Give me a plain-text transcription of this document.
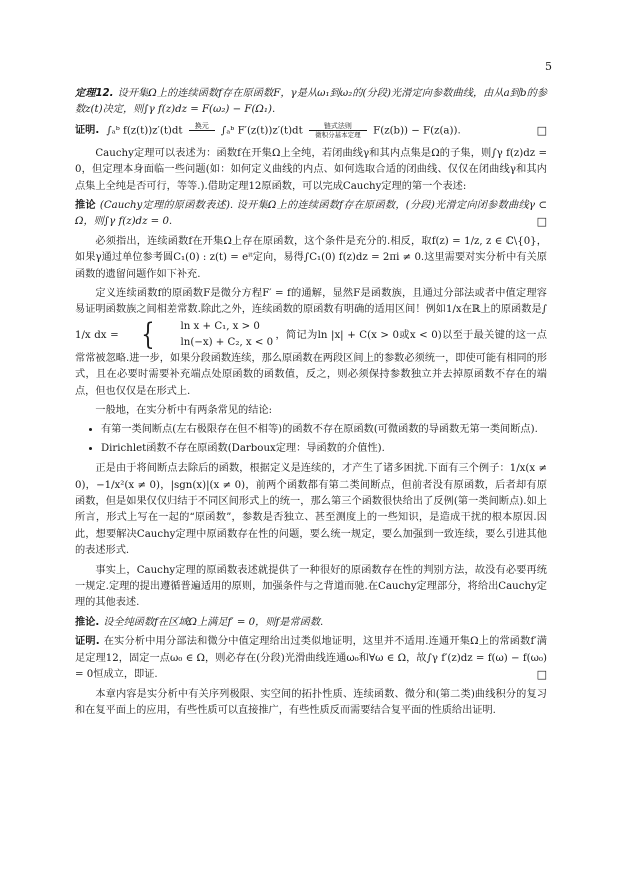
5

定理12. 设开集Ω上的连续函数f存在原函数F，γ是从ω₁到ω₂的(分段)光滑定向参数曲线，由从a到b的参数z(t)决定，则∫γ f(z)dz = F(ω₂) − F(Ω₁).

证明. ∫ₐᵇ f(z(t))z′(t)dt	换元
	∫ₐᵇ F′(z(t))z′(t)dt	链式法则
微积分基本定理	F(z(b)) − F(z(a)).	□

Cauchy定理可以表述为：函数f在开集Ω上全纯，若闭曲线γ和其内点集是Ω的子集，则∫γ f(z)dz = 0，但定理本身面临一些问题(如：如何定义曲线的内点、如何选取合适的闭曲线、仅仅在闭曲线γ和其内点集上全纯是否可行，等等.).借助定理12原函数，可以完成Cauchy定理的第一个表述:

推论 (Cauchy定理的原函数表述). 设开集Ω上的连续函数f存在原函数，(分段)光滑定向闭参数曲线γ ⊂ Ω，则∫γ f(z)dz = 0.	□

必须指出，连续函数f在开集Ω上存在原函数，这个条件是充分的.相反，取f(z) = 1/z, z ∈ ℂ\{0}，如果γ通过单位参考圆C₁(0) : z(t) = eⁱᵗ定向，易得∫C₁(0) f(z)dz = 2πi ≠ 0.这里需要对实分析中有关原函数的遗留问题作如下补充.

定义连续函数f的原函数F是微分方程F′ = f的通解，显然F是函数族，且通过分部法或者中值定理容易证明函数族之间相差常数.除此之外，连续函数的原函数有明确的适用区间！例如1/x在ℝ上的原函数是∫ 1/x dx = {	ln x + C₁, x > 0
ln(−x) + C₂, x < 0
，简记为ln |x| + C(x > 0或x < 0)以至于最关键的这一点常常被忽略.进一步，如果分段函数连续，那么原函数在两段区间上的参数必须统一，即使可能有相同的形式，且在必要时需要补充端点处原函数的函数值，反之，则必须保持参数独立并去掉原函数不存在的端点，但也仅仅是在形式上.

一般地，在实分析中有两条常见的结论:

• 有第一类间断点(左右极限存在但不相等)的函数不存在原函数(可微函数的导函数无第一类间断点).
• Dirichlet函数不存在原函数(Darboux定理：导函数的介值性).

正是由于将间断点去除后的函数，根据定义是连续的，才产生了诸多困扰.下面有三个例子：1/x(x ≠ 0)，−1/x²(x ≠ 0)，|sgn(x)|(x ≠ 0)，前两个函数都有第二类间断点，但前者没有原函数，后者却有原函数，但是如果仅仅归结于不同区间形式上的统一，那么第三个函数很快给出了反例(第一类间断点).如上所言，形式上写在一起的“原函数”，参数是否独立、甚至测度上的一些知识，是造成干扰的根本原因.因此，想要解决Cauchy定理中原函数存在性的问题，要么统一规定，要么加强到一致连续，要么引进其他的表述形式.

事实上，Cauchy定理的原函数表述就提供了一种很好的原函数存在性的判别方法，故没有必要再统一规定.定理的提出遵循普遍适用的原则，加强条件与之背道而驰.在Cauchy定理部分，将给出Cauchy定理的其他表述.

推论. 设全纯函数f在区域Ω上满足f′ = 0，则f是常函数.

证明. 在实分析中用分部法和微分中值定理给出过类似地证明，这里并不适用.连通开集Ω上的常函数f′满足定理12，固定一点ω₀ ∈ Ω，则必存在(分段)光滑曲线连通ω₀和∀ω ∈ Ω，故∫γ f′(z)dz = f(ω) − f(ω₀) = 0恒成立，即证.	□

本章内容是实分析中有关序列极限、实空间的拓扑性质、连续函数、微分和(第二类)曲线积分的复习和在复平面上的应用，有些性质可以直接推广，有些性质反而需要结合复平面的性质给出证明.
